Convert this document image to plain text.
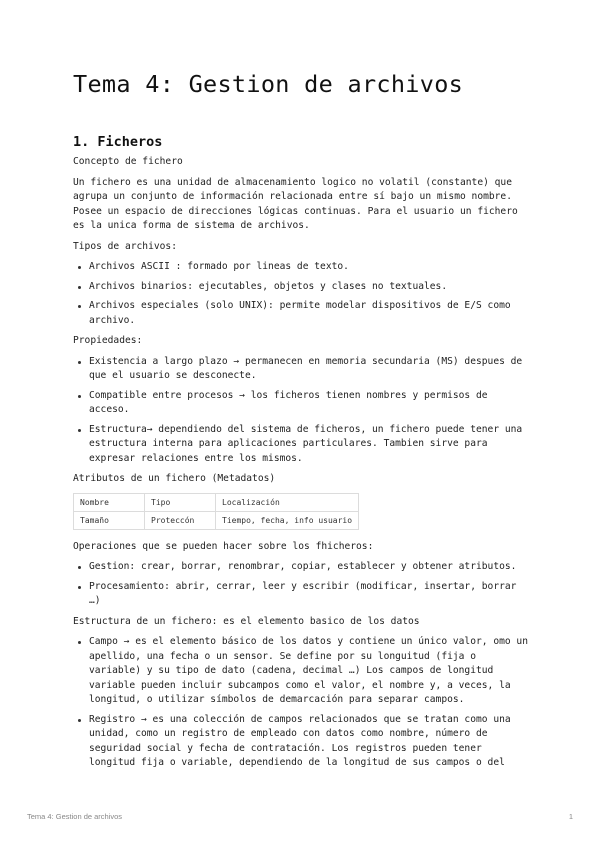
Tema 4: Gestion de archivos
1. Ficheros

Concepto de fichero

Un fichero es una unidad de almacenamiento logico no volatil (constante) que agrupa un conjunto de información relacionada entre sí bajo un mismo nombre. Posee un espacio de direcciones lógicas continuas. Para el usuario un fichero es la unica forma de sistema de archivos.

Tipos de archivos:

Archivos ASCII : formado por lineas de texto.
Archivos binarios: ejecutables, objetos y clases no textuales.
Archivos especiales (solo UNIX): permite modelar dispositivos de E/S como archivo.

Propiedades:

Existencia a largo plazo → permanecen en memoria secundaria (MS) despues de que el usuario se desconecte.
Compatible entre procesos → los ficheros tienen nombres y permisos de acceso.
Estructura→ dependiendo del sistema de ficheros, un fichero puede tener una estructura interna para aplicaciones particulares. Tambien sirve para expresar relaciones entre los mismos.

Atributos de un fichero (Metadatos)

Nombre	Tipo	Localización
Tamaño	Proteccón	Tiempo, fecha, info usuario

Operaciones que se pueden hacer sobre los fhicheros:

Gestion: crear, borrar, renombrar, copiar, establecer y obtener atributos.
Procesamiento: abrir, cerrar, leer y escribir (modificar, insertar, borrar …)

Estructura de un fichero: es el elemento basico de los datos

Campo → es el elemento básico de los datos y contiene un único valor, omo un apellido, una fecha o un sensor. Se define por su longuitud (fija o variable) y su tipo de dato (cadena, decimal …) Los campos de longitud variable pueden incluir subcampos como el valor, el nombre y, a veces, la longitud, o utilizar símbolos de demarcación para separar campos.
Registro → es una colección de campos relacionados que se tratan como una unidad, como un registro de empleado con datos como nombre, número de seguridad social y fecha de contratación. Los registros pueden tener longitud fija o variable, dependiendo de la longitud de sus campos o del
Tema 4: Gestion de archivos	1
